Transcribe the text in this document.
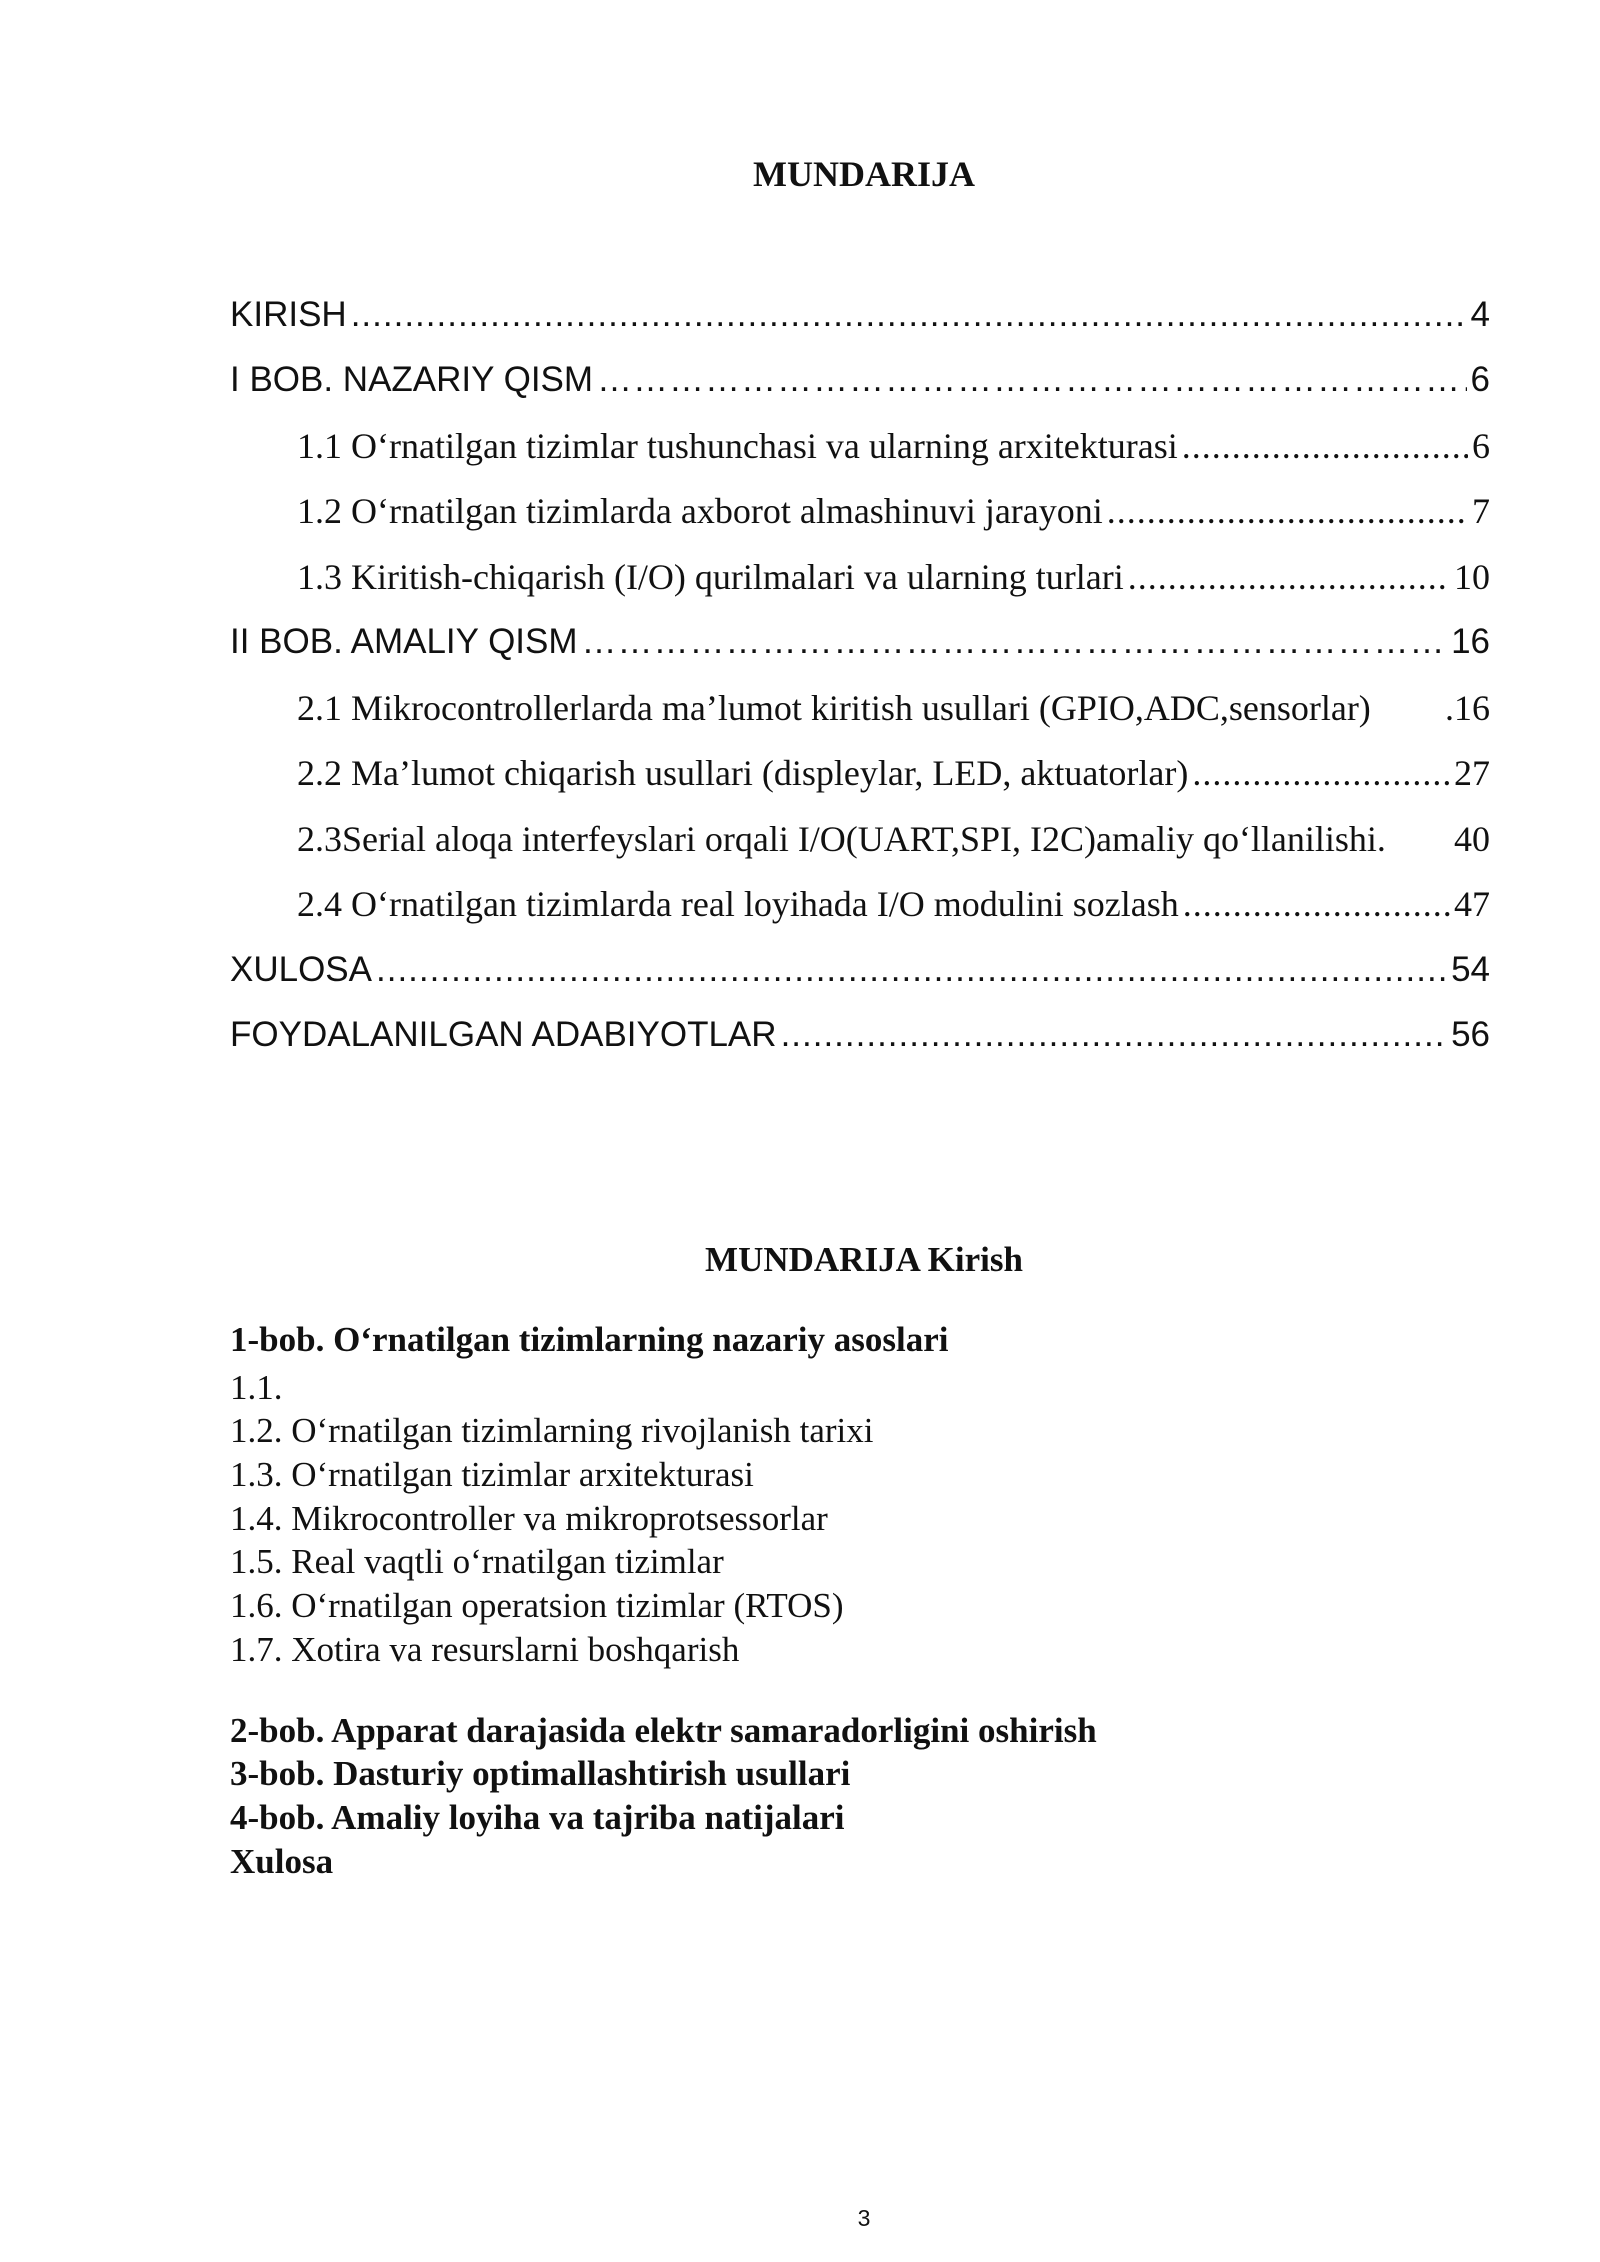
MUNDARIJA
KIRISH .....	4
I BOB. NAZARIY QISM …………………………………………………………………………………………………………………………………………………………………………………………	6
1.1 O‘rnatilgan tizimlar tushunchasi va ularning arxitekturasi .....	6
1.2 O‘rnatilgan tizimlarda axborot almashinuvi jarayoni .....	7
1.3 Kiritish-chiqarish (I/O) qurilmalari va ularning turlari .....	10
II BOB. AMALIY QISM …………………………………………………………………………………………………………………………………………………………………………………………	16
2.1 Mikrocontrollerlarda ma’lumot kiritish usullari (GPIO,ADC,sensorlar) .16
2.2 Ma’lumot chiqarish usullari (displeylar, LED, aktuatorlar) .....	27
2.3Serial aloqa interfeyslari orqali I/O(UART,SPI, I2C)amaliy qo‘llanilishi. 40
2.4 O‘rnatilgan tizimlarda real loyihada I/O modulini sozlash .....	47
XULOSA .....	54
FOYDALANILGAN ADABIYOTLAR .....	56
MUNDARIJA Kirish
1-bob. O‘rnatilgan tizimlarning nazariy asoslari
1.1.
1.2. O‘rnatilgan tizimlarning rivojlanish tarixi
1.3. O‘rnatilgan tizimlar arxitekturasi
1.4. Mikrocontroller va mikroprotsessorlar
1.5. Real vaqtli o‘rnatilgan tizimlar
1.6. O‘rnatilgan operatsion tizimlar (RTOS)
1.7. Xotira va resurslarni boshqarish
2-bob. Apparat darajasida elektr samaradorligini oshirish
3-bob. Dasturiy optimallashtirish usullari
4-bob. Amaliy loyiha va tajriba natijalari
Xulosa
3
